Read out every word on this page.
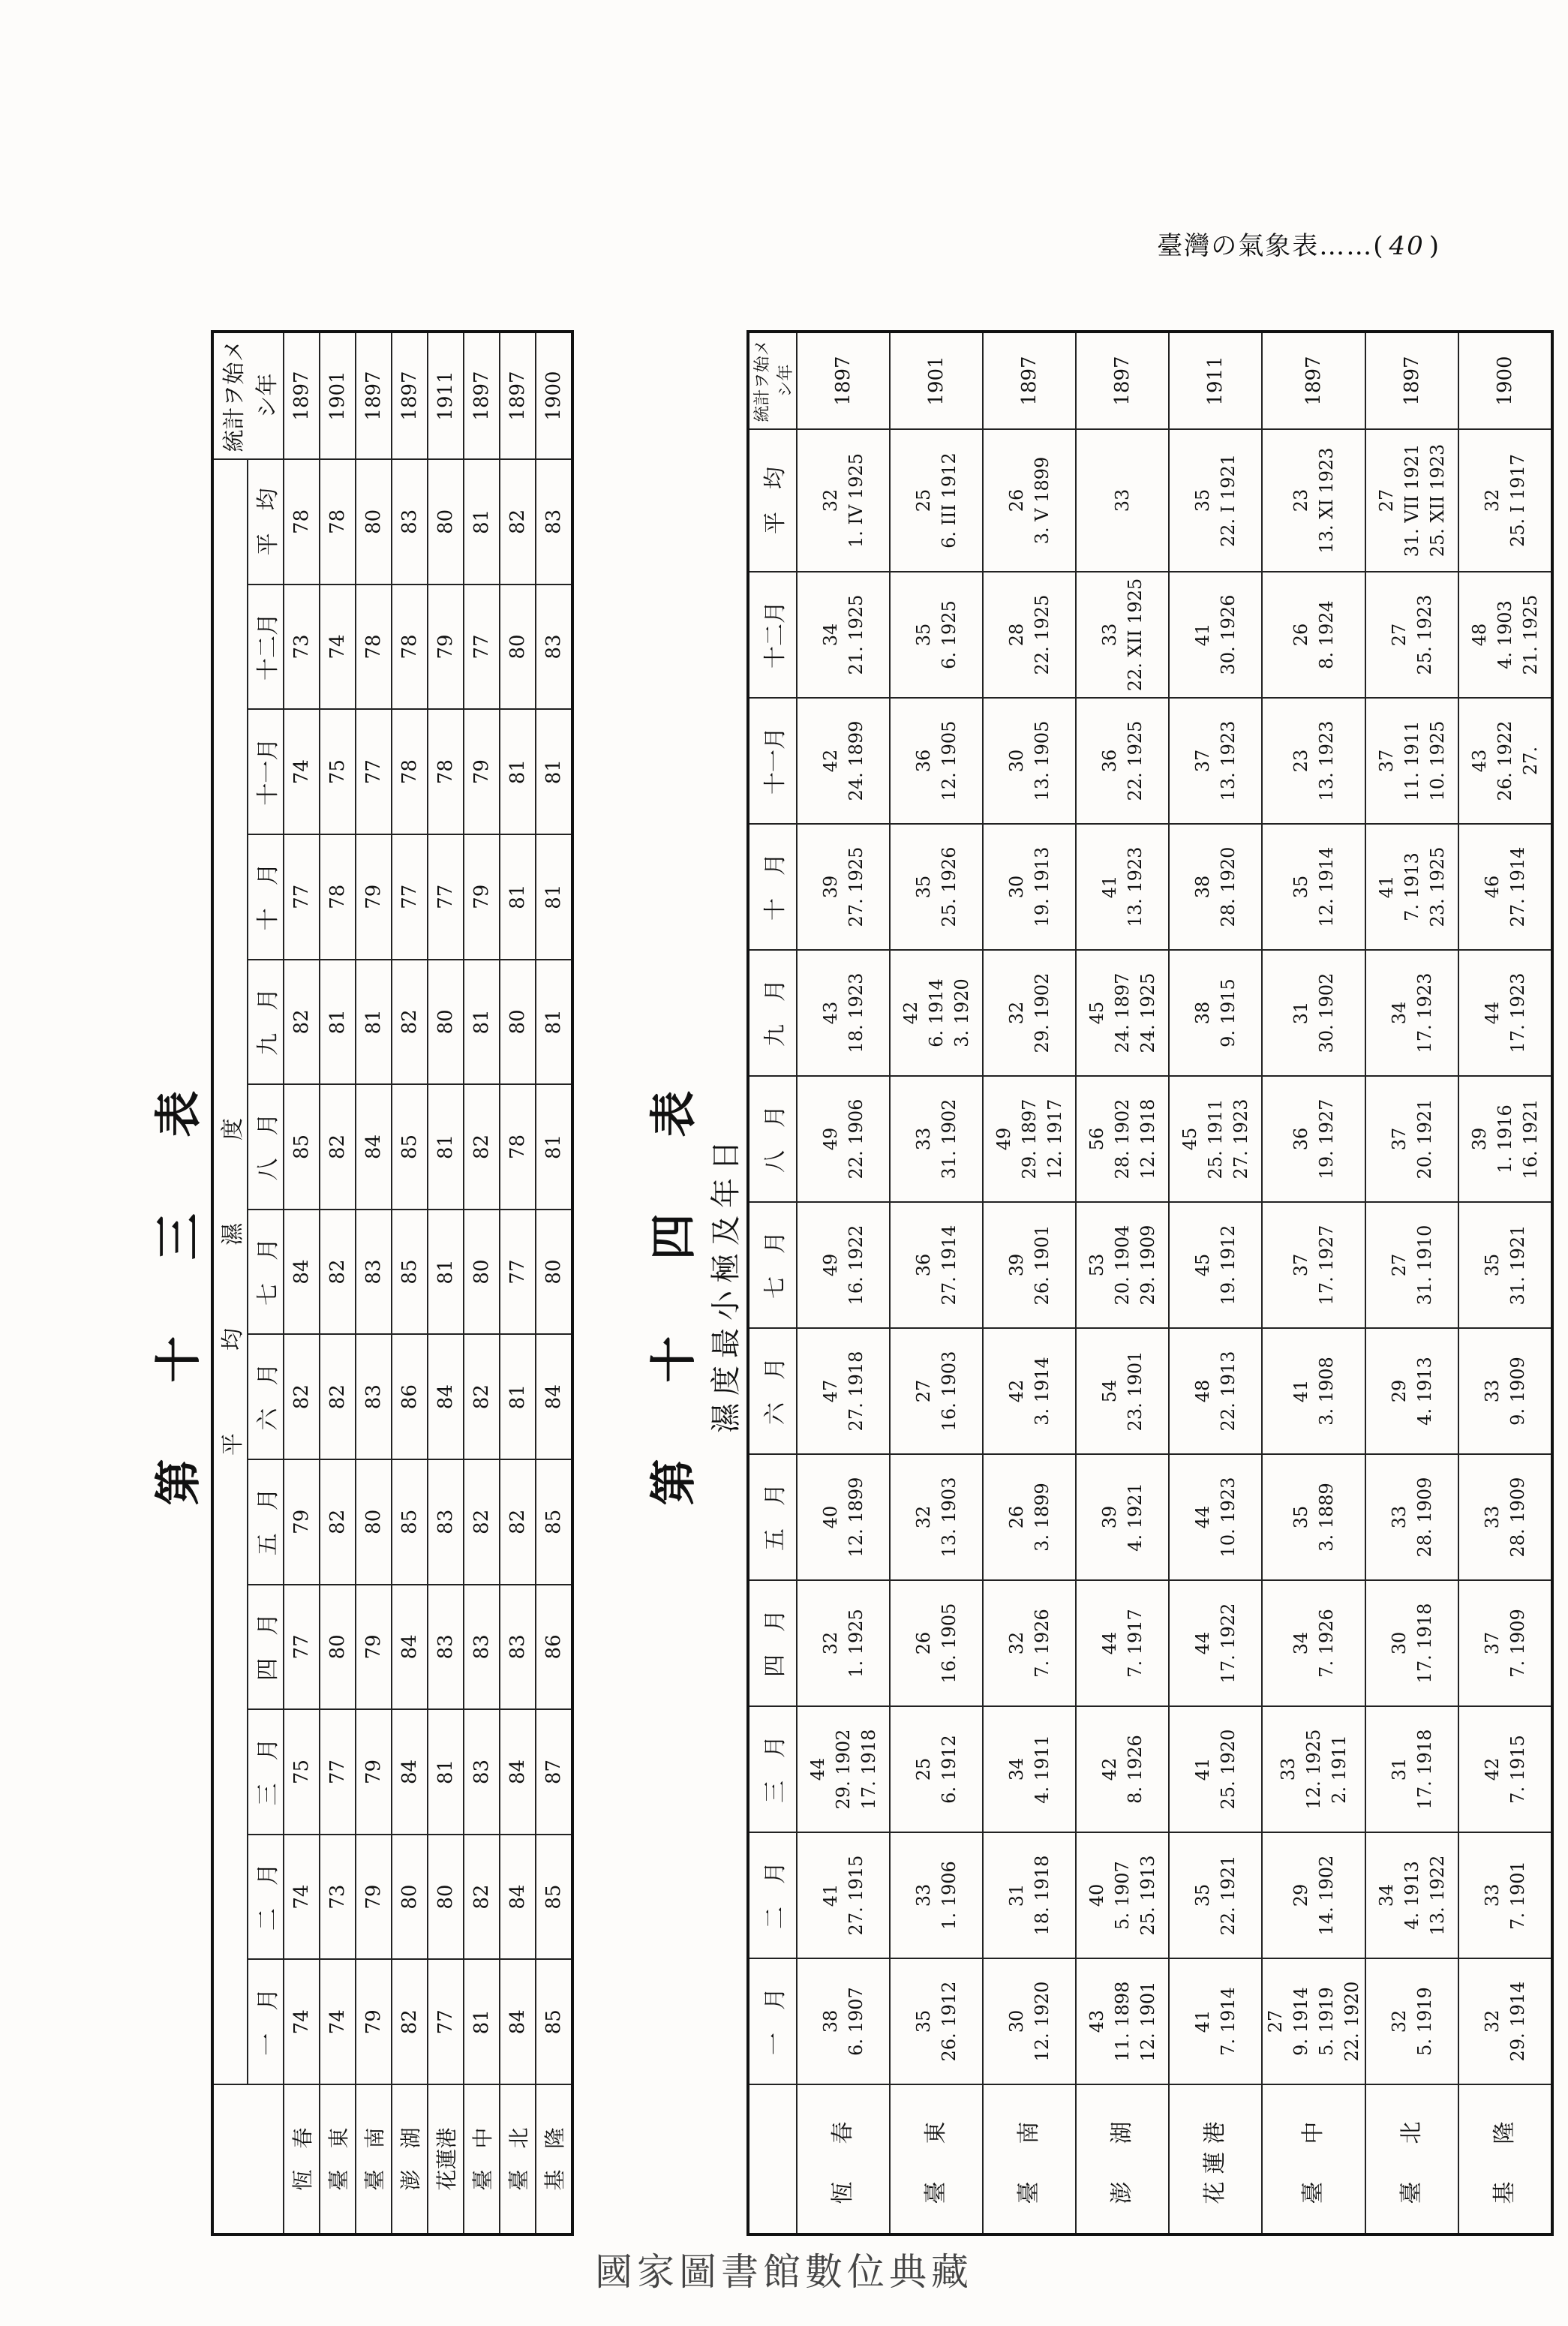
臺灣の氣象表……( 40 )
第 十 三 表
	平　均　濕　度													統計ヲ始メシ年
	一　月	二　月	三　月	四　月	五　月	六　月	七　月	八　月	九　月	十　月	十一月	十二月	平　均	
恆　春	74	74	75	77	79	82	84	85	82	77	74	73	78	1897
臺　東	74	73	77	80	82	82	82	82	81	78	75	74	78	1901
臺　南	79	79	79	79	80	83	83	84	81	79	77	78	80	1897
澎　湖	82	80	84	84	85	86	85	85	82	77	78	78	83	1897
花蓮港	77	80	81	83	83	84	81	81	80	77	78	79	80	1911
臺　中	81	82	83	83	82	82	80	82	81	79	79	77	81	1897
臺　北	84	84	84	83	82	81	77	78	80	81	81	80	82	1897
基　隆	85	85	87	86	85	84	80	81	81	81	81	83	83	1900
第 十 四 表 濕度最小極及年日
	一　月	二　月	三　月	四　月	五　月	六　月	七　月	八　月	九　月	十　月	十一月	十二月	平　均	統計ヲ始メシ年
恆　春	38
6. 1907	41
27. 1915	44
29. 1902
17. 1918	32
1. 1925	40
12. 1899	47
27. 1918	49
16. 1922	49
22. 1906	43
18. 1923	39
27. 1925	42
24. 1899	34
21. 1925	32
1. IV 1925	1897
臺　東	35
26. 1912	33
1. 1906	25
6. 1912	26
16. 1905	32
13. 1903	27
16. 1903	36
27. 1914	33
31. 1902	42
6. 1914
3. 1920	35
25. 1926	36
12. 1905	35
6. 1925	25
6. III 1912	1901
臺　南	30
12. 1920	31
18. 1918	34
4. 1911	32
7. 1926	26
3. 1899	42
3. 1914	39
26. 1901	49
29. 1897
12. 1917	32
29. 1902	30
19. 1913	30
13. 1905	28
22. 1925	26
3. V 1899	1897
澎　湖	43
11. 1898
12. 1901	40
5. 1907
25. 1913	42
8. 1926	44
7. 1917	39
4. 1921	54
23. 1901	53
20. 1904
29. 1909	56
28. 1902
12. 1918	45
24. 1897
24. 1925	41
13. 1923	36
22. 1925	33
22. XII 1925	33	1897
花蓮港	41
7. 1914	35
22. 1921	41
25. 1920	44
17. 1922	44
10. 1923	48
22. 1913	45
19. 1912	45
25. 1911
27. 1923	38
9. 1915	38
28. 1920	37
13. 1923	41
30. 1926	35
22. I 1921	1911
臺　中	27
9. 1914
5. 1919
22. 1920	29
14. 1902	33
12. 1925
2. 1911	34
7. 1926	35
3. 1889	41
3. 1908	37
17. 1927	36
19. 1927	31
30. 1902	35
12. 1914	23
13. 1923	26
8. 1924	23
13. XI 1923	1897
臺　北	32
5. 1919	34
4. 1913
13. 1922	31
17. 1918	30
17. 1918	33
28. 1909	29
4. 1913	27
31. 1910	37
20. 1921	34
17. 1923	41
7. 1913
23. 1925	37
11. 1911
10. 1925	27
25. 1923	27
31. VII 1921
25. XII 1923	1897
基　隆	32
29. 1914	33
7. 1901	42
7. 1915	37
7. 1909	33
28. 1909	33
9. 1909	35
31. 1921	39
1. 1916
16. 1921	44
17. 1923	46
27. 1914	43
26. 1922
27.	48
4. 1903
21. 1925	32
25. I 1917	1900
國家圖書館數位典藏
